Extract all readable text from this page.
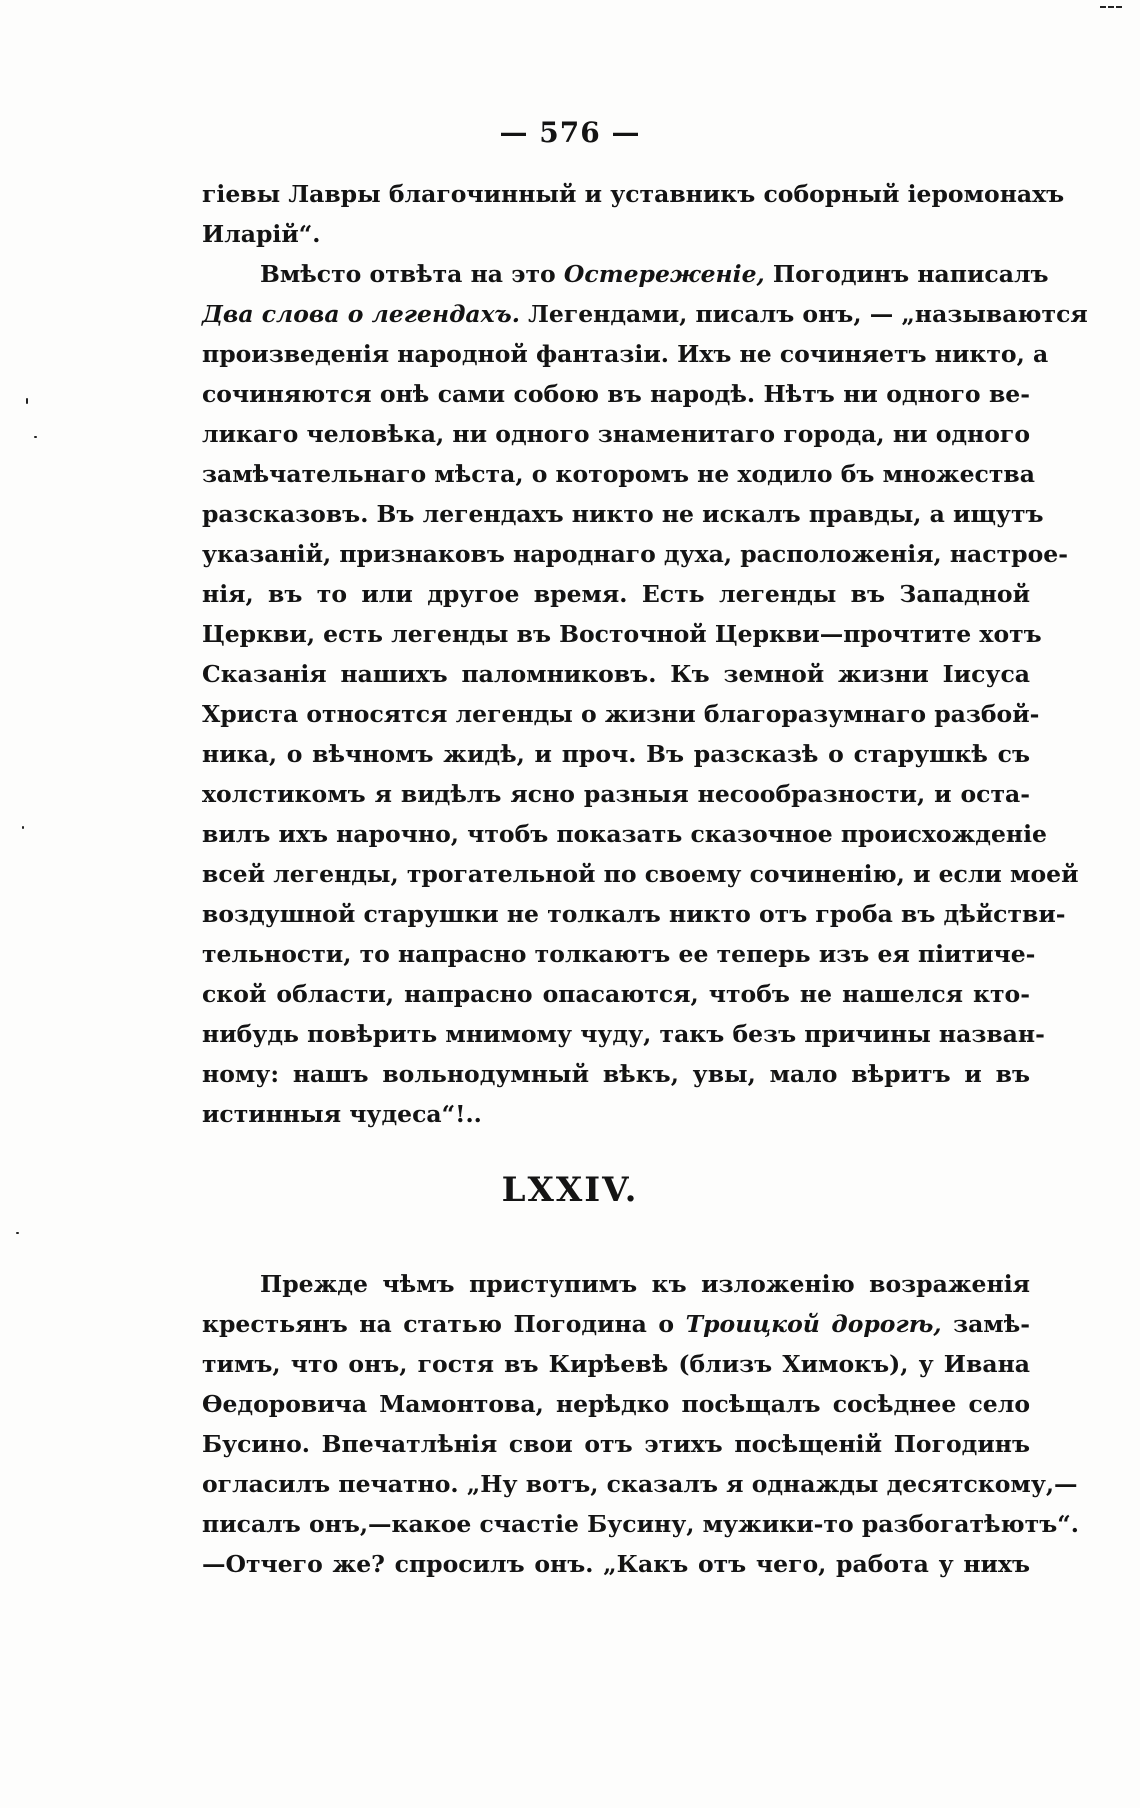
— 576 —
гіевы Лавры благочинный и уставникъ соборный іеромонахъ
Иларій“.
Вмѣсто отвѣта на это Остереженіе, Погодинъ написалъ
Два слова о легендахъ. Легендами, писалъ онъ, — „называются
произведенія народной фантазіи. Ихъ не сочиняетъ никто, а
сочиняются онѣ сами собою въ народѣ. Нѣтъ ни одного ве-
ликаго человѣка, ни одного знаменитаго города, ни одного
замѣчательнаго мѣста, о которомъ не ходило бъ множества
разсказовъ. Въ легендахъ никто не искалъ правды, а ищутъ
указаній, признаковъ народнаго духа, расположенія, настрое-
нія, въ то или другое время. Есть легенды въ Западной
Церкви, есть легенды въ Восточной Церкви—прочтите хотъ
Сказанія нашихъ паломниковъ. Къ земной жизни Іисуса
Христа относятся легенды о жизни благоразумнаго разбой-
ника, о вѣчномъ жидѣ, и проч. Въ разсказѣ о старушкѣ съ
холстикомъ я видѣлъ ясно разныя несообразности, и оста-
вилъ ихъ нарочно, чтобъ показать сказочное происхожденіе
всей легенды, трогательной по своему сочиненію, и если моей
воздушной старушки не толкалъ никто отъ гроба въ дѣйстви-
тельности, то напрасно толкаютъ ее теперь изъ ея піитиче-
ской области, напрасно опасаются, чтобъ не нашелся кто-
нибудь повѣрить мнимому чуду, такъ безъ причины назван-
ному: нашъ вольнодумный вѣкъ, увы, мало вѣритъ и въ
истинныя чудеса“!..
LXXIV.
Прежде чѣмъ приступимъ къ изложенію возраженія
крестьянъ на статью Погодина о Троицкой дорогѣ, замѣ-
тимъ, что онъ, гостя въ Кирѣевѣ (близъ Химокъ), у Ивана
Ѳедоровича Мамонтова, нерѣдко посѣщалъ сосѣднее село
Бусино. Впечатлѣнія свои отъ этихъ посѣщеній Погодинъ
огласилъ печатно. „Ну вотъ, сказалъ я однажды десятскому,—
писалъ онъ,—какое счастіе Бусину, мужики-то разбогатѣютъ“.
—Отчего же? спросилъ онъ. „Какъ отъ чего, работа у нихъ
